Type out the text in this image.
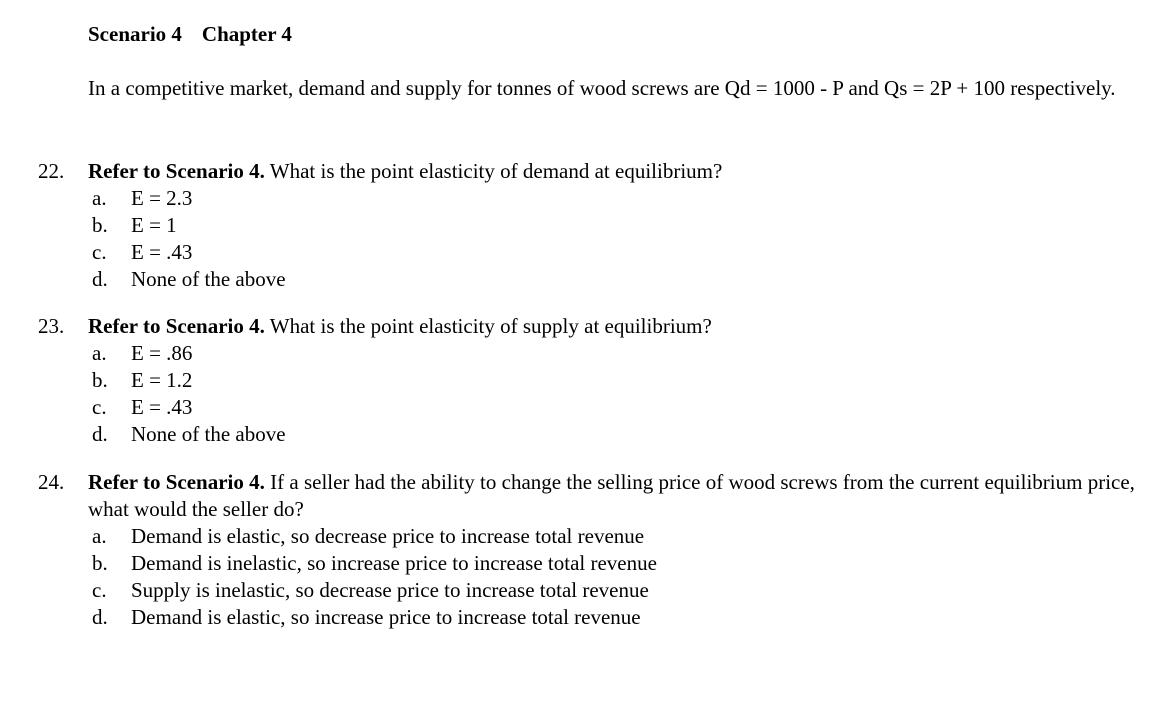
Scenario 4 Chapter 4
In a competitive market, demand and supply for tonnes of wood screws are Qd = 1000 - P and Qs = 2P + 100 respectively.
22. Refer to Scenario 4. What is the point elasticity of demand at equilibrium?
a. E = 2.3
b. E = 1
c. E = .43
d. None of the above
23. Refer to Scenario 4. What is the point elasticity of supply at equilibrium?
a. E = .86
b. E = 1.2
c. E = .43
d. None of the above
24. Refer to Scenario 4. If a seller had the ability to change the selling price of wood screws from the current equilibrium price, what would the seller do?
a. Demand is elastic, so decrease price to increase total revenue
b. Demand is inelastic, so increase price to increase total revenue
c. Supply is inelastic, so decrease price to increase total revenue
d. Demand is elastic, so increase price to increase total revenue
